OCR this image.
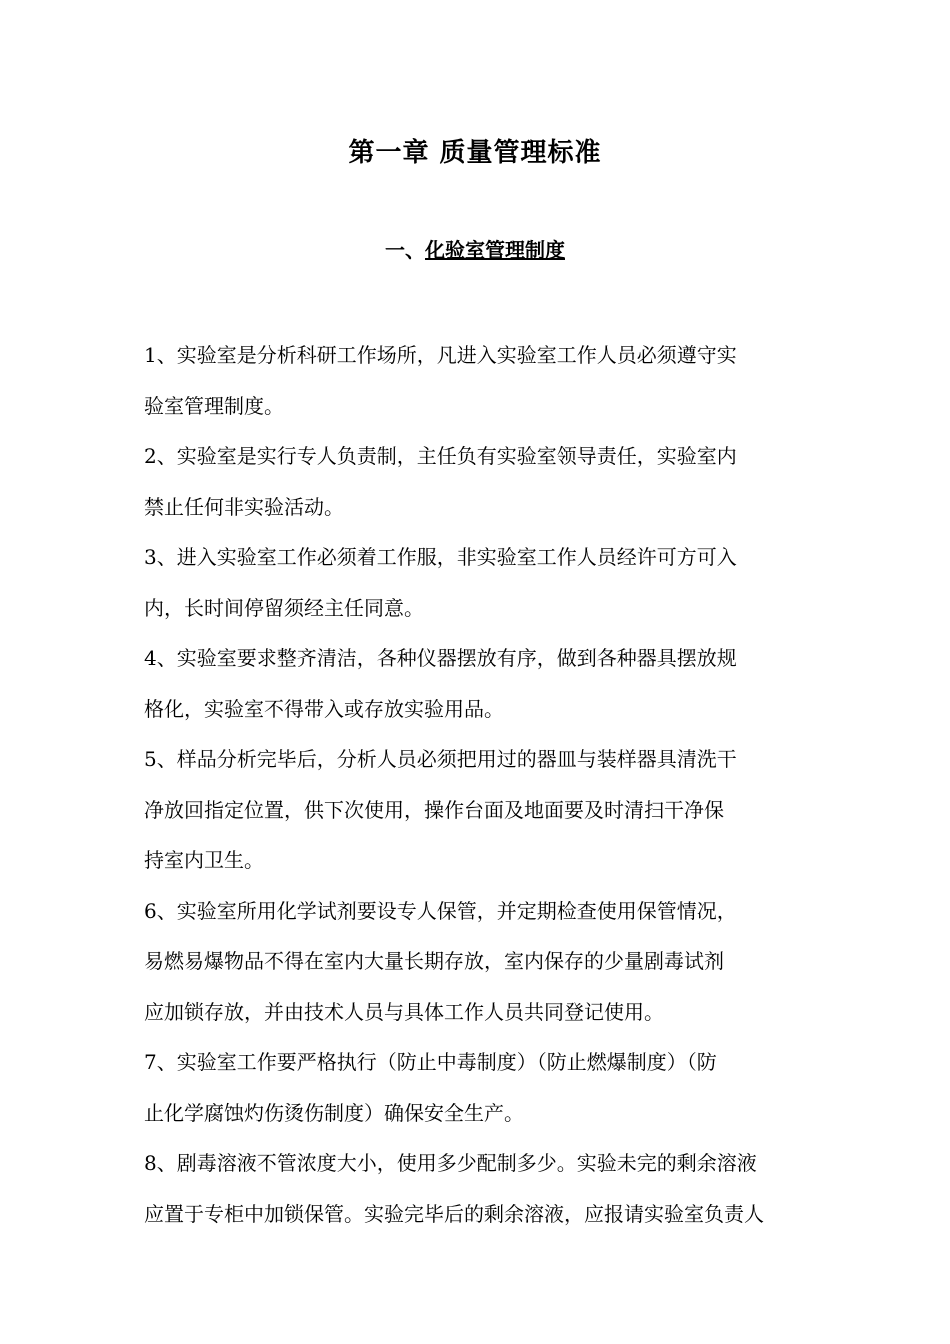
第一章 质量管理标准
一、化验室管理制度
1、实验室是分析科研工作场所，凡进入实验室工作人员必须遵守实
验室管理制度。
2、实验室是实行专人负责制，主任负有实验室领导责任，实验室内
禁止任何非实验活动。
3、进入实验室工作必须着工作服，非实验室工作人员经许可方可入
内，长时间停留须经主任同意。
4、实验室要求整齐清洁，各种仪器摆放有序，做到各种器具摆放规
格化，实验室不得带入或存放实验用品。
5、样品分析完毕后，分析人员必须把用过的器皿与装样器具清洗干
净放回指定位置，供下次使用，操作台面及地面要及时清扫干净保
持室内卫生。
6、实验室所用化学试剂要设专人保管，并定期检查使用保管情况，
易燃易爆物品不得在室内大量长期存放，室内保存的少量剧毒试剂
应加锁存放，并由技术人员与具体工作人员共同登记使用。
7、实验室工作要严格执行（防止中毒制度）（防止燃爆制度）（防
止化学腐蚀灼伤烫伤制度）确保安全生产。
8、剧毒溶液不管浓度大小，使用多少配制多少。实验未完的剩余溶液
应置于专柜中加锁保管。实验完毕后的剩余溶液，应报请实验室负责人
